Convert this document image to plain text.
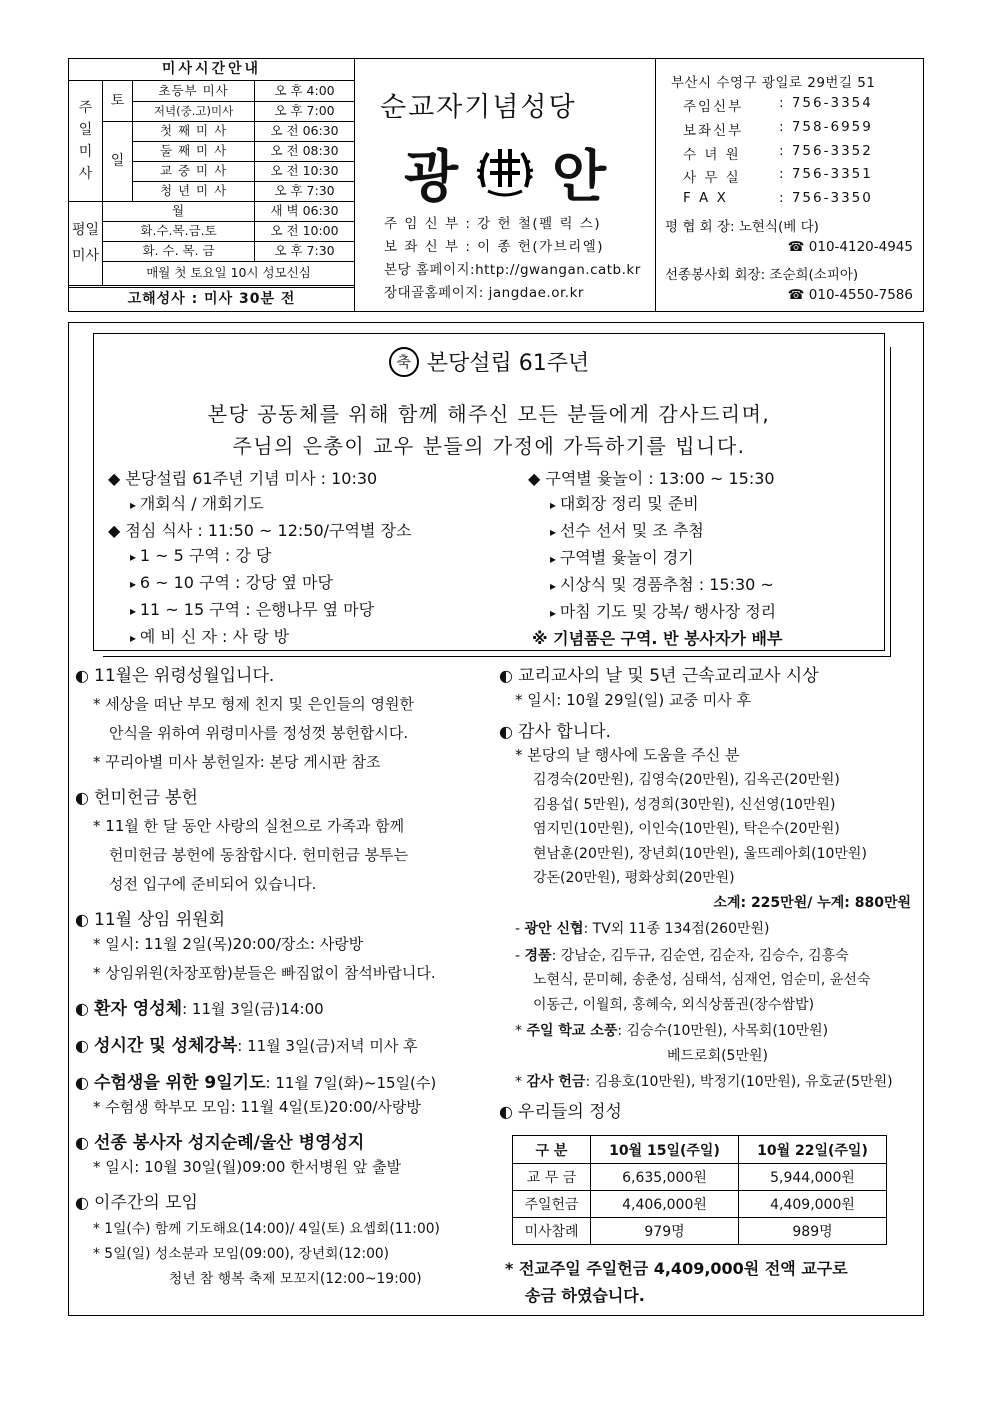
미사시간안내
주
일
미
사	토	초등부 미사	오 후 4:00
		저녁(중.고)미사	오 후 7:00
	일	첫 째 미 사	오 전 06:30
		둘 째 미 사	오 전 08:30
		교 중 미 사	오 전 10:30
		청 년 미 사	오 후 7:30

평일
미사	월		새 벽 06:30
	화.수.목.금.토		오 전 10:00
	화. 수. 목. 금		오 후 7:30
	매월 첫 토요일 10시 성모신심		
고해성사 : 미사 30분 전
순교자기념성당
광 안
주 임 신 부 : 강 헌 철(펠 릭 스)
보 좌 신 부 : 이 종 헌(가브리엘)
본당 홈페이지:http://gwangan.catb.kr
장대골홈페이지: jangdae.or.kr
부산시 수영구 광일로 29번길 51
주임신부	: 756-3354
보좌신부	: 758-6959
수 녀 원	: 756-3352
사 무 실	: 756-3351
F A X	: 756-3350
평 협 회 장: 노현식(베 다)
☎ 010-4120-4945
선종봉사회 회장: 조순희(소피아)
☎ 010-4550-7586
축 본당설립 61주년
본당 공동체를 위해 함께 해주신 모든 분들에게 감사드리며,
주님의 은총이 교우 분들의 가정에 가득하기를 빕니다.
◆ 본당설립 61주년 기념 미사 : 10:30
▸ 개회식 / 개회기도
◆ 점심 식사 : 11:50 ~ 12:50/구역별 장소
▸ 1 ~ 5 구역 : 강 당
▸ 6 ~ 10 구역 : 강당 옆 마당
▸ 11 ~ 15 구역 : 은행나무 옆 마당
▸ 예 비 신 자 : 사 랑 방
◆ 구역별 윷놀이 : 13:00 ~ 15:30
▸ 대회장 정리 및 준비
▸ 선수 선서 및 조 추첨
▸ 구역별 윷놀이 경기
▸ 시상식 및 경품추첨 : 15:30 ~
▸ 마침 기도 및 강복/ 행사장 정리
※ 기념품은 구역. 반 봉사자가 배부
◐ 11월은 위령성월입니다.
* 세상을 떠난 부모 형제 친지 및 은인들의 영원한
안식을 위하여 위령미사를 정성껏 봉헌합시다.
* 꾸리아별 미사 봉헌일자: 본당 게시판 참조
◐ 헌미헌금 봉헌
* 11월 한 달 동안 사랑의 실천으로 가족과 함께
헌미헌금 봉헌에 동참합시다. 헌미헌금 봉투는
성전 입구에 준비되어 있습니다.
◐ 11월 상임 위원회
* 일시: 11월 2일(목)20:00/장소: 사랑방
* 상임위원(차장포함)분들은 빠짐없이 참석바랍니다.
◐ 환자 영성체: 11월 3일(금)14:00
◐ 성시간 및 성체강복: 11월 3일(금)저녁 미사 후
◐ 수험생을 위한 9일기도: 11월 7일(화)~15일(수)
* 수험생 학부모 모임: 11월 4일(토)20:00/사랑방
◐ 선종 봉사자 성지순례/울산 병영성지
* 일시: 10월 30일(월)09:00 한서병원 앞 출발
◐ 이주간의 모임
* 1일(수) 함께 기도해요(14:00)/ 4일(토) 요셉회(11:00)
* 5일(일) 성소분과 모임(09:00), 장년회(12:00)
청년 참 행복 축제 모꼬지(12:00~19:00)
◐ 교리교사의 날 및 5년 근속교리교사 시상
* 일시: 10월 29일(일) 교중 미사 후
◐ 감사 합니다.
* 본당의 날 행사에 도움을 주신 분
김경숙(20만원), 김영숙(20만원), 김옥곤(20만원)
김용섭( 5만원), 성경희(30만원), 신선영(10만원)
염지민(10만원), 이인숙(10만원), 탁은수(20만원)
현남훈(20만원), 장년회(10만원), 울뜨레아회(10만원)
강돈(20만원), 평화상회(20만원)
소계: 225만원/ 누계: 880만원
- 광안 신협: TV외 11종 134점(260만원)
- 경품: 강남순, 김두규, 김순연, 김순자, 김승수, 김흥숙
노현식, 문미혜, 송춘성, 심태석, 심재언, 엄순미, 윤선숙
이동근, 이월희, 홍혜숙, 외식상품권(장수쌈밥)
* 주일 학교 소풍: 김승수(10만원), 사목회(10만원)
베드로회(5만원)
* 감사 헌금: 김용호(10만원), 박정기(10만원), 유호균(5만원)
◐ 우리들의 정성
구 분	10월 15일(주일)	10월 22일(주일)
교 무 금	6,635,000원	5,944,000원
주일헌금	4,406,000원	4,409,000원
미사참례	979명	989명
* 전교주일 주일헌금 4,409,000원 전액 교구로
송금 하였습니다.
